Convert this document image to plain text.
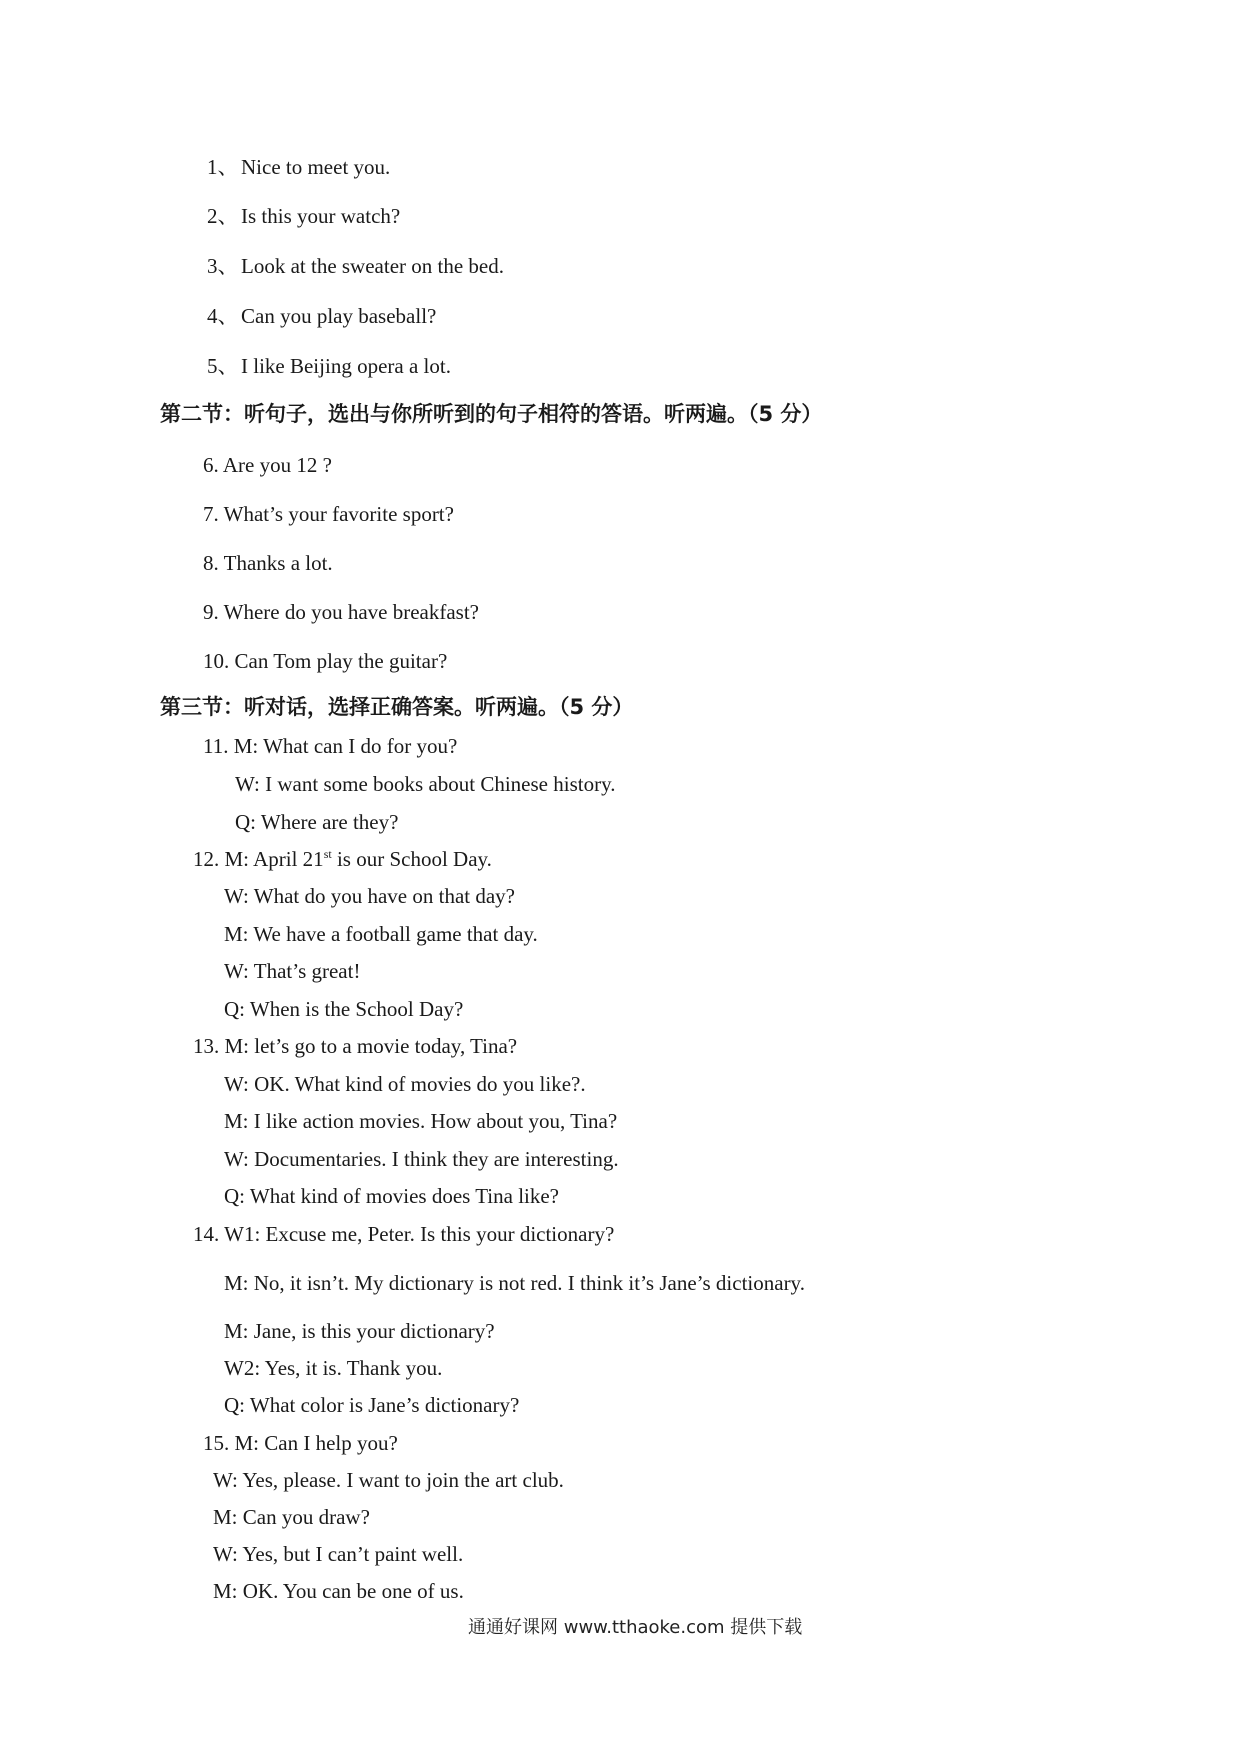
1、 Nice to meet you.
2、 Is this your watch?
3、 Look at the sweater on the bed.
4、 Can you play baseball?
5、 I like Beijing opera a lot.
第二节：听句子，选出与你所听到的句子相符的答语。听两遍。（5 分）
6. Are you 12 ?
7. What’s your favorite sport?
8. Thanks a lot.
9. Where do you have breakfast?
10. Can Tom play the guitar?
第三节：听对话，选择正确答案。听两遍。（5 分）
11. M: What can I do for you?
W: I want some books about Chinese history.
Q: Where are they?
12. M: April 21st is our School Day.
W: What do you have on that day?
M: We have a football game that day.
W: That’s great!
Q: When is the School Day?
13. M: let’s go to a movie today, Tina?
W: OK. What kind of movies do you like?.
M: I like action movies. How about you, Tina?
W: Documentaries. I think they are interesting.
Q: What kind of movies does Tina like?
14. W1: Excuse me, Peter. Is this your dictionary?
M: No, it isn’t. My dictionary is not red. I think it’s Jane’s dictionary.
M: Jane, is this your dictionary?
W2: Yes, it is. Thank you.
Q: What color is Jane’s dictionary?
15. M: Can I help you?
W: Yes, please. I want to join the art club.
M: Can you draw?
W: Yes, but I can’t paint well.
M: OK. You can be one of us.
通通好课网 www.tthaoke.com 提供下载
